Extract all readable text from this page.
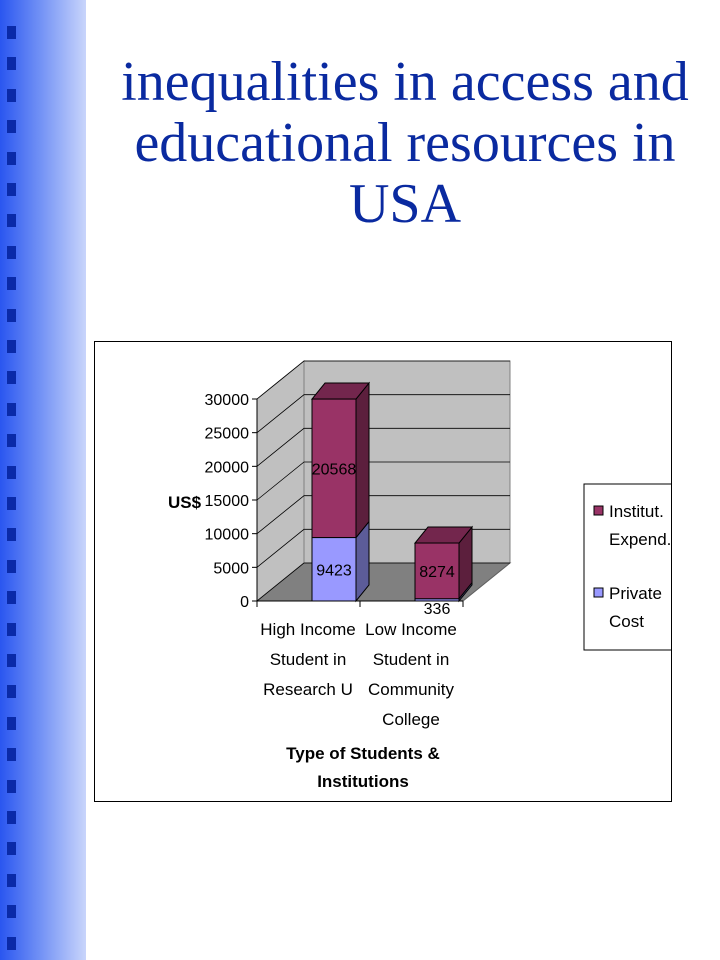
inequalities in access and educational resources in USA
0
5000
10000
15000
20000
25000
30000
US$
9423
20568
336
8274
High Income
Student in
Research U
Low Income
Student in
Community
College
Type of Students &
Institutions
Institut.
Expend.
Private
Cost
